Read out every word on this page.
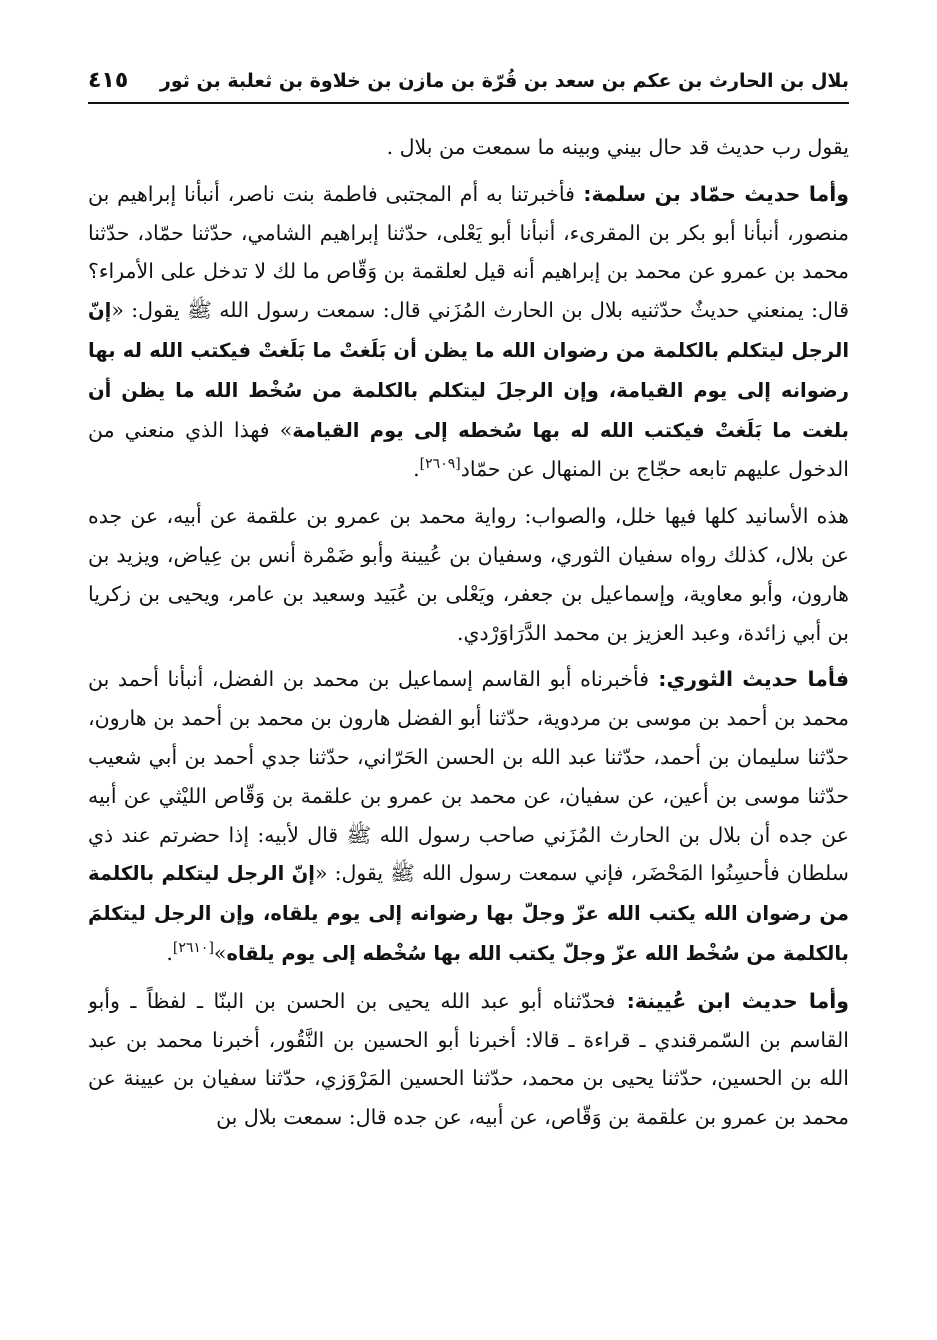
بلال بن الحارث بن عكم بن سعد بن قُرّة بن مازن بن خلاوة بن ثعلبة بن ثور
٤١٥

يقول رب حديث قد حال بيني وبينه ما سمعت من بلال .

وأما حديث حمّاد بن سلمة: فأخبرتنا به أم المجتبى فاطمة بنت ناصر، أنبأنا إبراهيم بن منصور، أنبأنا أبو بكر بن المقرىء، أنبأنا أبو يَعْلى، حدّثنا إبراهيم الشامي، حدّثنا حمّاد، حدّثنا محمد بن عمرو عن محمد بن إبراهيم أنه قيل لعلقمة بن وَقّاص ما لك لا تدخل على الأمراء؟ قال: يمنعني حديثٌ حدّثنيه بلال بن الحارث المُزَني قال: سمعت رسول الله ﷺ يقول: «إنّ الرجل ليتكلم بالكلمة من رضوان الله ما يظن أن بَلَغتْ ما بَلَغتْ فيكتب الله له بها رضوانه إلى يوم القيامة، وإن الرجلَ ليتكلم بالكلمة من سُخْط الله ما يظن أن بلغت ما بَلَغتْ فيكتب الله له بها سُخطه إلى يوم القيامة» فهذا الذي منعني من الدخول عليهم تابعه حجّاج بن المنهال عن حمّاد[٢٦٠٩].

هذه الأسانيد كلها فيها خلل، والصواب: رواية محمد بن عمرو بن علقمة عن أبيه، عن جده عن بلال، كذلك رواه سفيان الثوري، وسفيان بن عُيينة وأبو ضَمْرة أنس بن عِياض، ويزيد بن هارون، وأبو معاوية، وإسماعيل بن جعفر، ويَعْلى بن عُبَيد وسعيد بن عامر، ويحيى بن زكريا بن أبي زائدة، وعبد العزيز بن محمد الدَّرَاوَرْدي.

فأما حديث الثوري: فأخبرناه أبو القاسم إسماعيل بن محمد بن الفضل، أنبأنا أحمد بن محمد بن أحمد بن موسى بن مردوية، حدّثنا أبو الفضل هارون بن محمد بن أحمد بن هارون، حدّثنا سليمان بن أحمد، حدّثنا عبد الله بن الحسن الحَرّاني، حدّثنا جدي أحمد بن أبي شعيب حدّثنا موسى بن أعين، عن سفيان، عن محمد بن عمرو بن علقمة بن وَقّاص الليْثي عن أبيه عن جده أن بلال بن الحارث المُزَني صاحب رسول الله ﷺ قال لأبيه: إذا حضرتم عند ذي سلطان فأحسِنُوا المَحْضَر، فإني سمعت رسول الله ﷺ يقول: «إنّ الرجل ليتكلم بالكلمة من رضوان الله يكتب الله عزّ وجلّ بها رضوانه إلى يوم يلقاه، وإن الرجل ليتكلمَ بالكلمة من سُخْط الله عزّ وجلّ يكتب الله بها سُخْطه إلى يوم يلقاه»[٢٦١٠].

وأما حديث ابن عُيينة: فحدّثناه أبو عبد الله يحيى بن الحسن بن البنّا ـ لفظاً ـ وأبو القاسم بن السّمرقندي ـ قراءة ـ قالا: أخبرنا أبو الحسين بن النَّقُور، أخبرنا محمد بن عبد الله بن الحسين، حدّثنا يحيى بن محمد، حدّثنا الحسين المَرْوَزي، حدّثنا سفيان بن عيينة عن محمد بن عمرو بن علقمة بن وَقّاص، عن أبيه، عن جده قال: سمعت بلال بن
